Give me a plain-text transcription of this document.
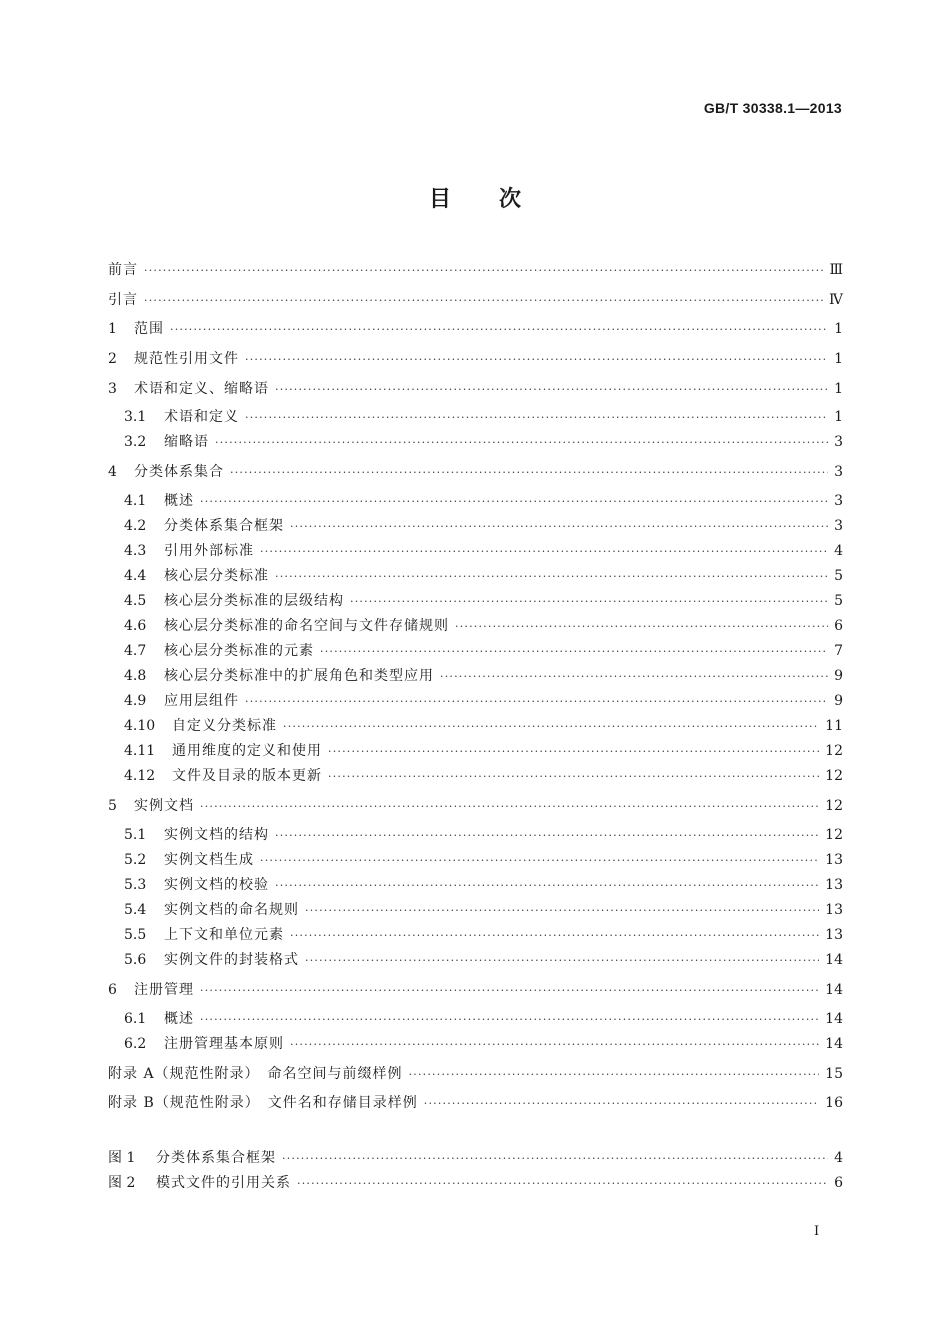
GB/T 30338.1—2013
目次
前言 ·····	Ⅲ
引言 ·····	Ⅳ
1	范围 ·····	1
2	规范性引用文件 ·····	1
3	术语和定义、缩略语 ·····	1
3.1	术语和定义 ·····	1
3.2	缩略语 ·····	3
4	分类体系集合 ·····	3
4.1	概述 ·····	3
4.2	分类体系集合框架 ·····	3
4.3	引用外部标准 ·····	4
4.4	核心层分类标准 ·····	5
4.5	核心层分类标准的层级结构 ·····	5
4.6	核心层分类标准的命名空间与文件存储规则 ·····	6
4.7	核心层分类标准的元素 ·····	7
4.8	核心层分类标准中的扩展角色和类型应用 ·····	9
4.9	应用层组件 ·····	9
4.10	自定义分类标准 ·····	11
4.11	通用维度的定义和使用 ·····	12
4.12	文件及目录的版本更新 ·····	12
5	实例文档 ·····	12
5.1	实例文档的结构 ·····	12
5.2	实例文档生成 ·····	13
5.3	实例文档的校验 ·····	13
5.4	实例文档的命名规则 ·····	13
5.5	上下文和单位元素 ·····	13
5.6	实例文件的封装格式 ·····	14
6	注册管理 ·····	14
6.1	概述 ·····	14
6.2	注册管理基本原则 ·····	14
附录 A（规范性附录）　命名空间与前缀样例 ·····	15
附录 B（规范性附录）　文件名和存储目录样例 ·····	16
图 1	分类体系集合框架 ·····	4
图 2	模式文件的引用关系 ·····	6
I
